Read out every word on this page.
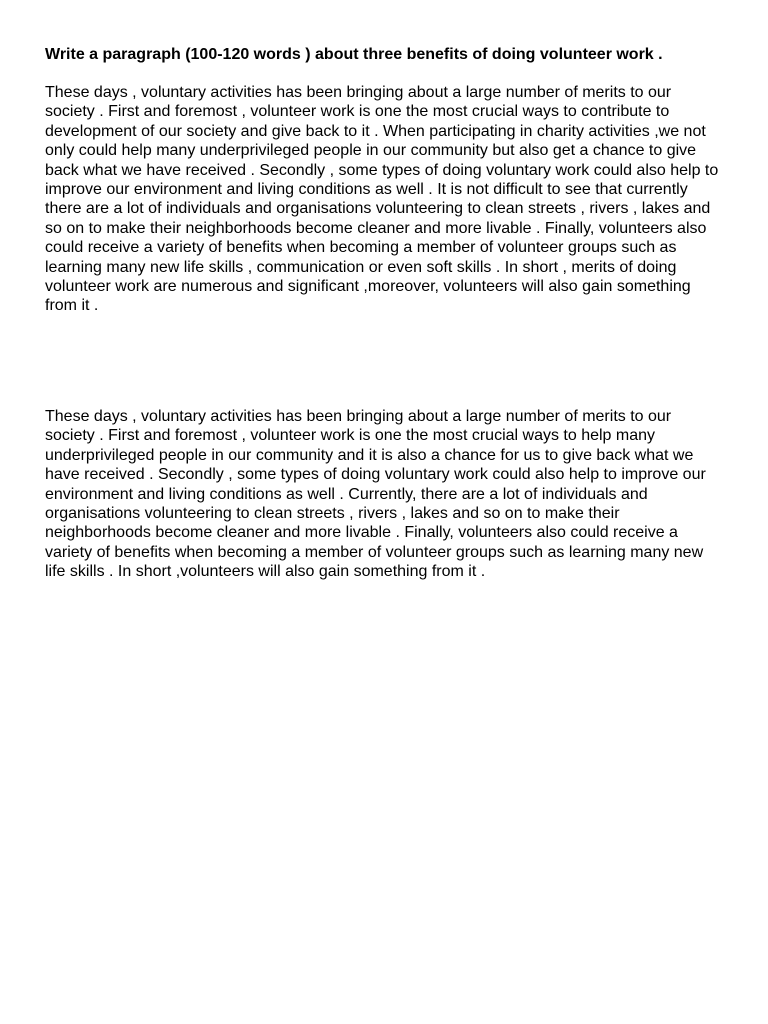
Write a paragraph (100-120 words ) about three benefits of doing volunteer work .

These days , voluntary activities has been bringing about a large number of merits to our society . First and foremost , volunteer work is one the most crucial ways to contribute to development of our society and give back to it . When participating in charity activities ,we not only could help many underprivileged people in our community but also get a chance to give back what we have received . Secondly , some types of doing voluntary work could also help to improve our environment and living conditions as well . It is not difficult to see that currently there are a lot of individuals and organisations volunteering to clean streets , rivers , lakes and so on to make their neighborhoods become cleaner and more livable . Finally, volunteers also could receive a variety of benefits when becoming a member of volunteer groups such as learning many new life skills , communication or even soft skills . In short , merits of doing volunteer work are numerous and significant ,moreover, volunteers will also gain something from it .

These days , voluntary activities has been bringing about a large number of merits to our society . First and foremost , volunteer work is one the most crucial ways to help many underprivileged people in our community and it is also a chance for us to give back what we have received . Secondly , some types of doing voluntary work could also help to improve our environment and living conditions as well . Currently, there are a lot of individuals and organisations volunteering to clean streets , rivers , lakes and so on to make their neighborhoods become cleaner and more livable . Finally, volunteers also could receive a variety of benefits when becoming a member of volunteer groups such as learning many new life skills . In short ,volunteers will also gain something from it .
